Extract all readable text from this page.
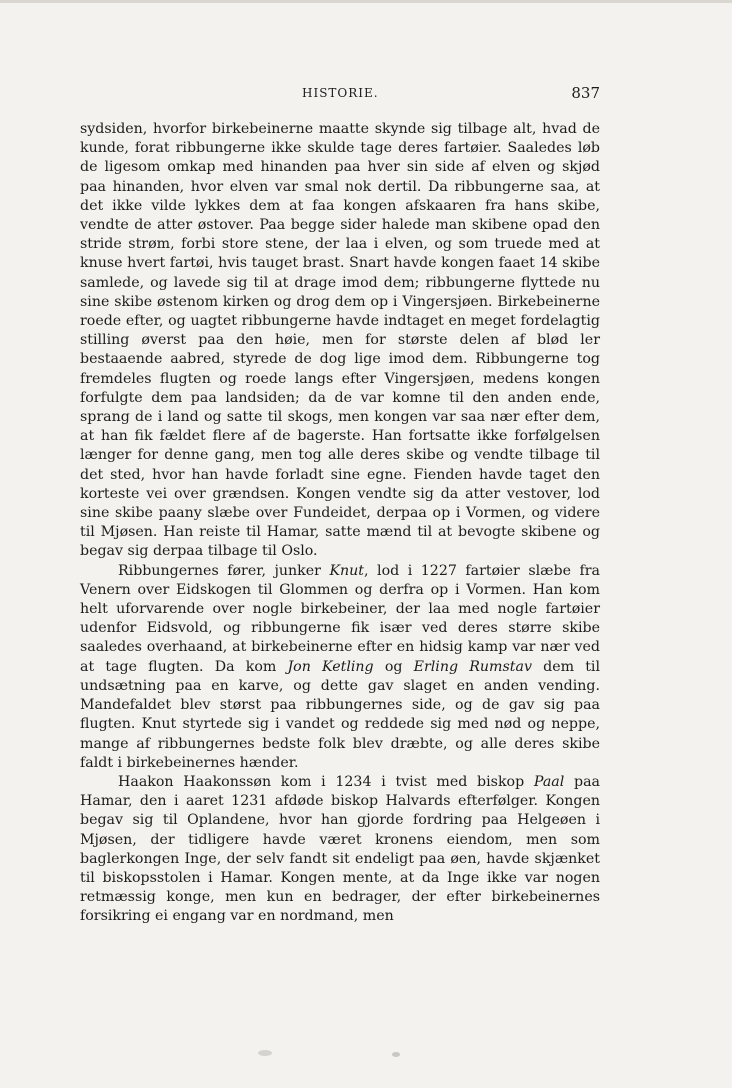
HISTORIE.	837

sydsiden, hvorfor birkebeinerne maatte skynde sig tilbage alt, hvad de kunde, forat ribbungerne ikke skulde tage deres fartøier. Saaledes løb de ligesom omkap med hinanden paa hver sin side af elven og skjød paa hinanden, hvor elven var smal nok dertil. Da ribbungerne saa, at det ikke vilde lykkes dem at faa kongen afskaaren fra hans skibe, vendte de atter østover. Paa begge sider halede man skibene opad den stride strøm, forbi store stene, der laa i elven, og som truede med at knuse hvert fartøi, hvis tauget brast. Snart havde kongen faaet 14 skibe samlede, og lavede sig til at drage imod dem; ribbungerne flyttede nu sine skibe østenom kirken og drog dem op i Vingersjøen. Birkebeinerne roede efter, og uagtet ribbungerne havde indtaget en meget fordelagtig stilling øverst paa den høie, men for største delen af blød ler bestaaende aabred, styrede de dog lige imod dem. Ribbungerne tog fremdeles flugten og roede langs efter Vingersjøen, medens kongen forfulgte dem paa landsiden; da de var komne til den anden ende, sprang de i land og satte til skogs, men kongen var saa nær efter dem, at han fik fældet flere af de bagerste. Han fortsatte ikke forfølgelsen længer for denne gang, men tog alle deres skibe og vendte tilbage til det sted, hvor han havde forladt sine egne. Fienden havde taget den korteste vei over grændsen. Kongen vendte sig da atter vestover, lod sine skibe paany slæbe over Fundeidet, derpaa op i Vormen, og videre til Mjøsen. Han reiste til Hamar, satte mænd til at bevogte skibene og begav sig derpaa tilbage til Oslo.

Ribbungernes fører, junker Knut, lod i 1227 fartøier slæbe fra Venern over Eidskogen til Glommen og derfra op i Vormen. Han kom helt uforvarende over nogle birkebeiner, der laa med nogle fartøier udenfor Eidsvold, og ribbungerne fik især ved deres større skibe saaledes overhaand, at birkebeinerne efter en hidsig kamp var nær ved at tage flugten. Da kom Jon Ketling og Erling Rumstav dem til undsætning paa en karve, og dette gav slaget en anden vending. Mandefaldet blev størst paa ribbungernes side, og de gav sig paa flugten. Knut styrtede sig i vandet og reddede sig med nød og neppe, mange af ribbungernes bedste folk blev dræbte, og alle deres skibe faldt i birkebeinernes hænder.

Haakon Haakonssøn kom i 1234 i tvist med biskop Paal paa Hamar, den i aaret 1231 afdøde biskop Halvards efterfølger. Kongen begav sig til Oplandene, hvor han gjorde fordring paa Helgeøen i Mjøsen, der tidligere havde været kronens eiendom, men som baglerkongen Inge, der selv fandt sit endeligt paa øen, havde skjænket til biskopsstolen i Hamar. Kongen mente, at da Inge ikke var nogen retmæssig konge, men kun en bedrager, der efter birkebeinernes forsikring ei engang var en nordmand, men
